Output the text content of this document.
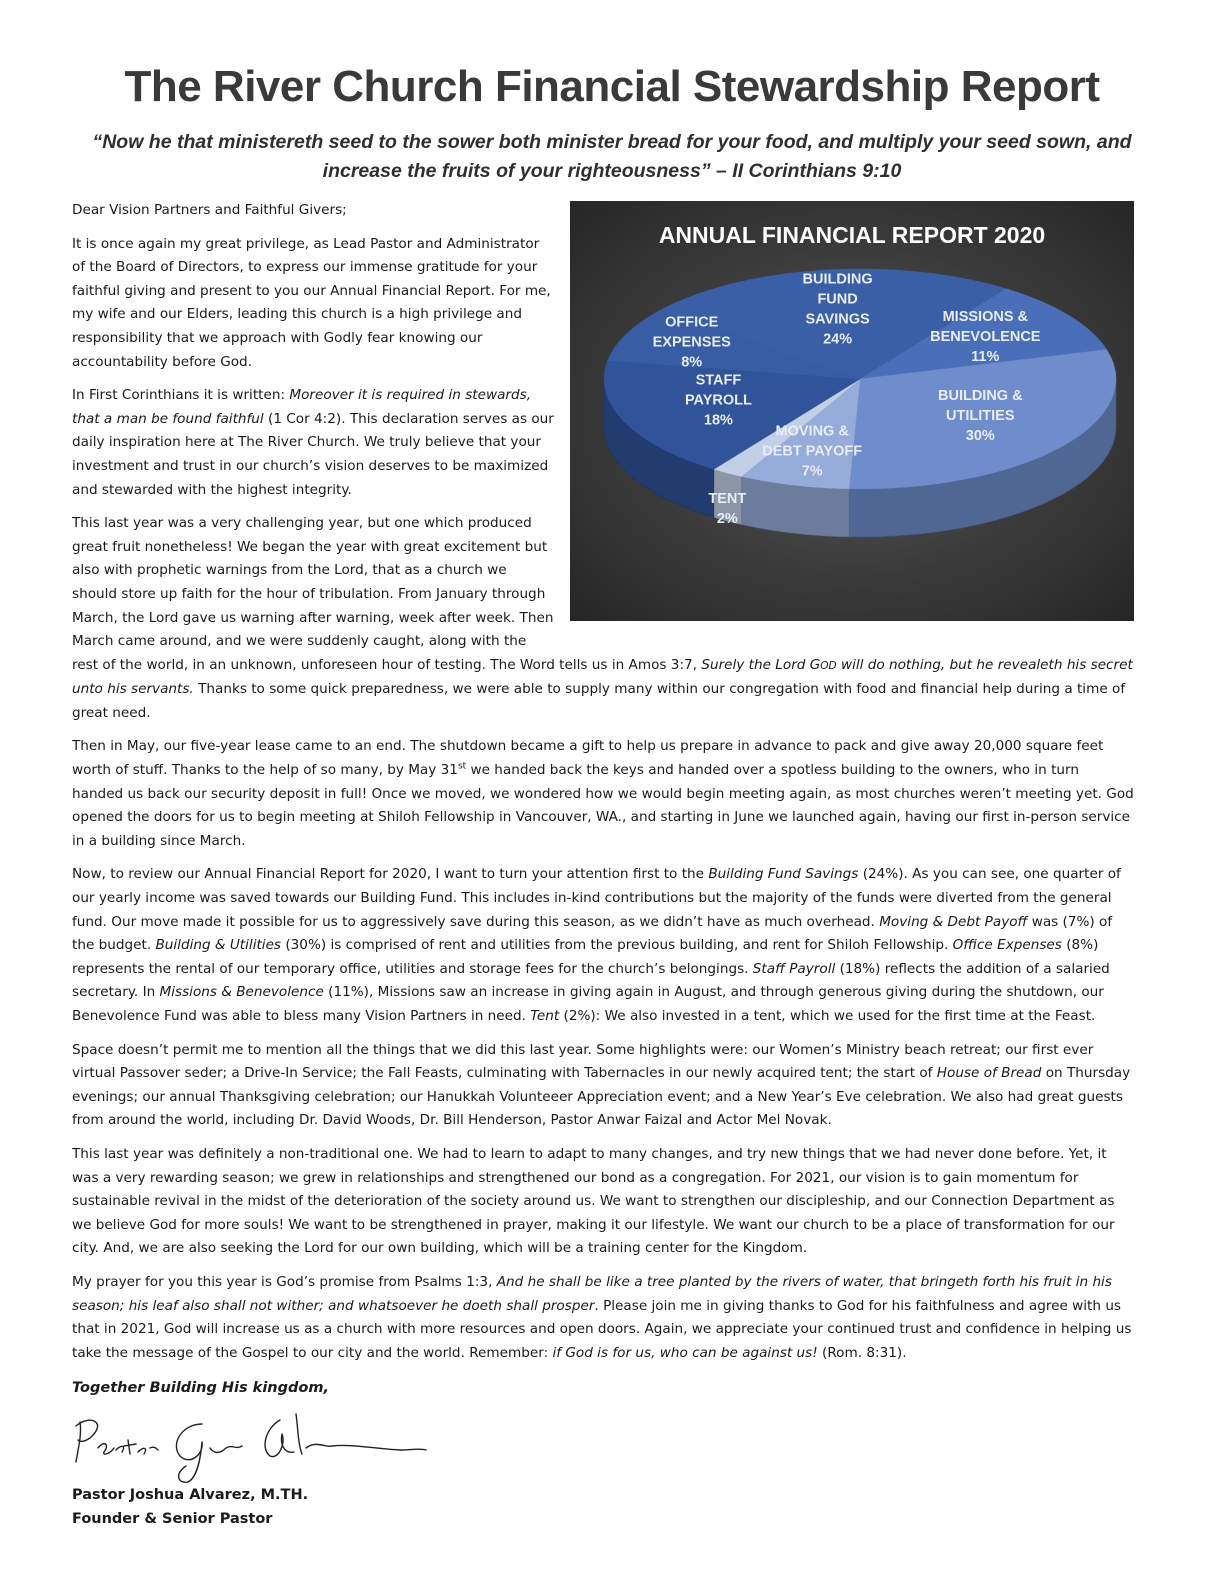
The River Church Financial Stewardship Report

“Now he that ministereth seed to the sower both minister bread for your food, and multiply your seed sown, and increase the fruits of your righteousness” – II Corinthians 9:10

ANNUAL FINANCIAL REPORT 2020
BUILDING FUND SAVINGS 24%
MISSIONS & BENEVOLENCE 11%
BUILDING & UTILITIES 30%
MOVING & DEBT PAYOFF 7%
TENT 2%
STAFF PAYROLL 18%
OFFICE EXPENSES 8%

Dear Vision Partners and Faithful Givers;

It is once again my great privilege, as Lead Pastor and Administrator of the Board of Directors, to express our immense gratitude for your faithful giving and present to you our Annual Financial Report. For me, my wife and our Elders, leading this church is a high privilege and responsibility that we approach with Godly fear knowing our accountability before God.

In First Corinthians it is written: Moreover it is required in stewards, that a man be found faithful (1 Cor 4:2). This declaration serves as our daily inspiration here at The River Church. We truly believe that your investment and trust in our church’s vision deserves to be maximized and stewarded with the highest integrity.

This last year was a very challenging year, but one which produced great fruit nonetheless! We began the year with great excitement but also with prophetic warnings from the Lord, that as a church we should store up faith for the hour of tribulation. From January through March, the Lord gave us warning after warning, week after week. Then March came around, and we were suddenly caught, along with the rest of the world, in an unknown, unforeseen hour of testing. The Word tells us in Amos 3:7, Surely the Lord GOD will do nothing, but he revealeth his secret unto his servants. Thanks to some quick preparedness, we were able to supply many within our congregation with food and financial help during a time of great need.

Then in May, our five-year lease came to an end. The shutdown became a gift to help us prepare in advance to pack and give away 20,000 square feet worth of stuff. Thanks to the help of so many, by May 31st we handed back the keys and handed over a spotless building to the owners, who in turn handed us back our security deposit in full! Once we moved, we wondered how we would begin meeting again, as most churches weren’t meeting yet. God opened the doors for us to begin meeting at Shiloh Fellowship in Vancouver, WA., and starting in June we launched again, having our first in-person service in a building since March.

Now, to review our Annual Financial Report for 2020, I want to turn your attention first to the Building Fund Savings (24%). As you can see, one quarter of our yearly income was saved towards our Building Fund. This includes in-kind contributions but the majority of the funds were diverted from the general fund. Our move made it possible for us to aggressively save during this season, as we didn’t have as much overhead. Moving & Debt Payoff was (7%) of the budget. Building & Utilities (30%) is comprised of rent and utilities from the previous building, and rent for Shiloh Fellowship. Office Expenses (8%) represents the rental of our temporary office, utilities and storage fees for the church’s belongings. Staff Payroll (18%) reflects the addition of a salaried secretary. In Missions & Benevolence (11%), Missions saw an increase in giving again in August, and through generous giving during the shutdown, our Benevolence Fund was able to bless many Vision Partners in need. Tent (2%): We also invested in a tent, which we used for the first time at the Feast.

Space doesn’t permit me to mention all the things that we did this last year. Some highlights were: our Women’s Ministry beach retreat; our first ever virtual Passover seder; a Drive-In Service; the Fall Feasts, culminating with Tabernacles in our newly acquired tent; the start of House of Bread on Thursday evenings; our annual Thanksgiving celebration; our Hanukkah Volunteeer Appreciation event; and a New Year’s Eve celebration. We also had great guests from around the world, including Dr. David Woods, Dr. Bill Henderson, Pastor Anwar Faizal and Actor Mel Novak.

This last year was definitely a non-traditional one. We had to learn to adapt to many changes, and try new things that we had never done before. Yet, it was a very rewarding season; we grew in relationships and strengthened our bond as a congregation. For 2021, our vision is to gain momentum for sustainable revival in the midst of the deterioration of the society around us. We want to strengthen our discipleship, and our Connection Department as we believe God for more souls! We want to be strengthened in prayer, making it our lifestyle. We want our church to be a place of transformation for our city. And, we are also seeking the Lord for our own building, which will be a training center for the Kingdom.

My prayer for you this year is God’s promise from Psalms 1:3, And he shall be like a tree planted by the rivers of water, that bringeth forth his fruit in his season; his leaf also shall not wither; and whatsoever he doeth shall prosper. Please join me in giving thanks to God for his faithfulness and agree with us that in 2021, God will increase us as a church with more resources and open doors. Again, we appreciate your continued trust and confidence in helping us take the message of the Gospel to our city and the world. Remember: if God is for us, who can be against us! (Rom. 8:31).

Together Building His kingdom,
Pastor Joshua Alvarez, M.TH.
Founder & Senior Pastor
